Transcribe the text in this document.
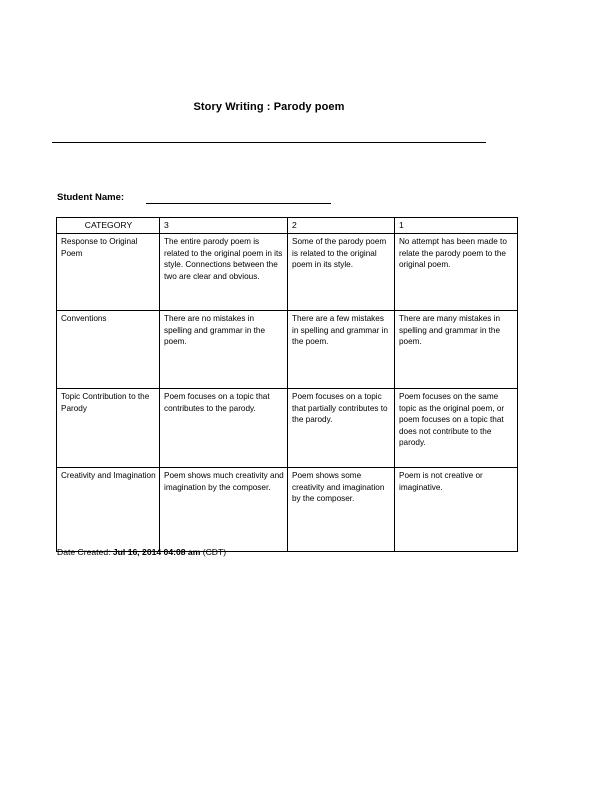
Story Writing : Parody poem
Student Name:
CATEGORY	3	2	1
Response to Original Poem	The entire parody poem is related to the original poem in its style. Connections between the two are clear and obvious.	Some of the parody poem is related to the original poem in its style.	No attempt has been made to relate the parody poem to the original poem.
Conventions	There are no mistakes in spelling and grammar in the poem.	There are a few mistakes in spelling and grammar in the poem.	There are many mistakes in spelling and grammar in the poem.
Topic Contribution to the Parody	Poem focuses on a topic that contributes to the parody.	Poem focuses on a topic that partially contributes to the parody.	Poem focuses on the same topic as the original poem, or poem focuses on a topic that does not contribute to the parody.
Creativity and Imagination	Poem shows much creativity and imagination by the composer.	Poem shows some creativity and imagination by the composer.	Poem is not creative or imaginative.
Date Created: Jul 16, 2014 04:08 am (CDT)
